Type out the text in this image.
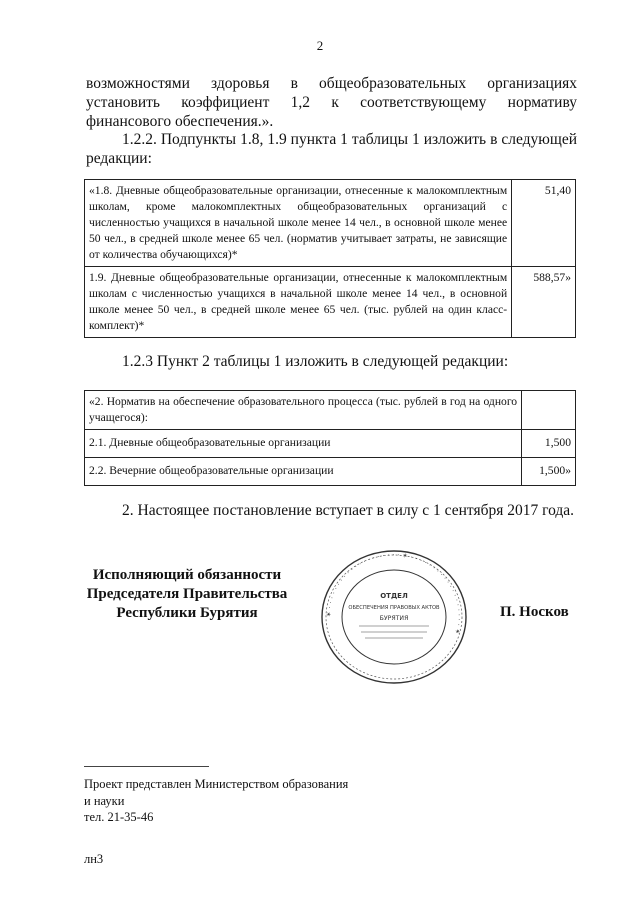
2
возможностями здоровья в общеобразовательных организациях установить коэффициент 1,2 к соответствующему нормативу финансового обеспечения.».
1.2.2. Подпункты 1.8, 1.9 пункта 1 таблицы 1 изложить в следующей редакции:
«1.8. Дневные общеобразовательные организации, отнесенные к малокомплектным школам, кроме малокомплектных общеобразовательных организаций с численностью учащихся в начальной школе менее 14 чел., в основной школе менее 50 чел., в средней школе менее 65 чел. (норматив учитывает затраты, не зависящие от количества обучающихся)*	51,40
1.9. Дневные общеобразовательные организации, отнесенные к малокомплектным школам с численностью учащихся в начальной школе менее 14 чел., в основной школе менее 50 чел., в средней школе менее 65 чел. (тыс. рублей на один класс-комплект)*	588,57»
1.2.3 Пункт 2 таблицы 1 изложить в следующей редакции:
«2. Норматив на обеспечение образовательного процесса (тыс. рублей в год на одного учащегося):	
2.1. Дневные общеобразовательные организации	1,500
2.2. Вечерние общеобразовательные организации	1,500»
2. Настоящее постановление вступает в силу с 1 сентября 2017 года.
Исполняющий обязанности
Председателя Правительства
Республики Бурятия	✶ · · · · · · · · · · · · · · · · · · · · ✶ · · · · · · · · · · · · · · · · · · · ✶
ОТДЕЛ
ОБЕСПЕЧЕНИЯ ПРАВОВЫХ АКТОВ
БУРЯТИЯ	П. Носков
Проект представлен Министерством образования
и науки
тел. 21-35-46
лн3
